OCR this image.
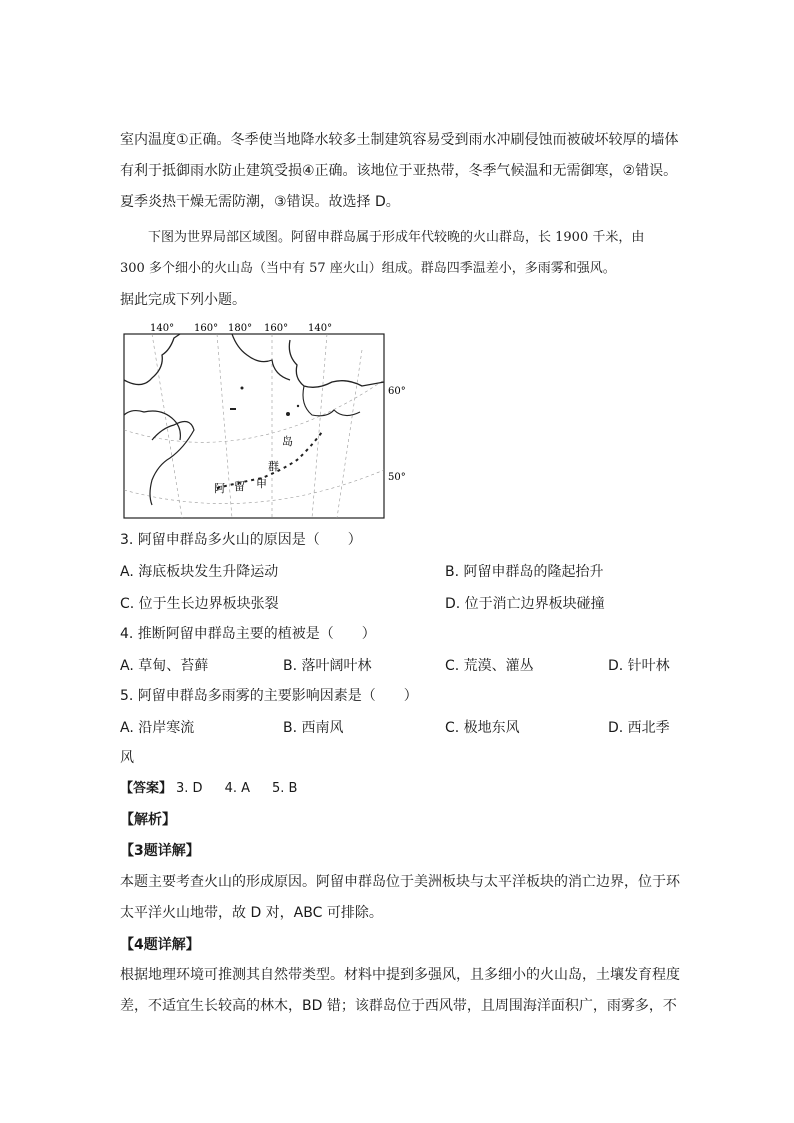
室内温度①正确。冬季使当地降水较多土制建筑容易受到雨水冲刷侵蚀而被破坏较厚的墙体
有利于抵御雨水防止建筑受损④正确。该地位于亚热带，冬季气候温和无需御寒，②错误。
夏季炎热干燥无需防潮，③错误。故选择 D。
下图为世界局部区域图。阿留申群岛属于形成年代较晚的火山群岛，长 1900 千米，由
300 多个细小的火山岛（当中有 57 座火山）组成。群岛四季温差小，多雨雾和强风。
据此完成下列小题。
140° 160° 180° 160° 140°
60°
50°
阿 留 申
群
岛
3. 阿留申群岛多火山的原因是（　　）
A. 海底板块发生升降运动	B. 阿留申群岛的隆起抬升
C. 位于生长边界板块张裂	D. 位于消亡边界板块碰撞
4. 推断阿留申群岛主要的植被是（　　）
A. 草甸、苔藓	B. 落叶阔叶林	C. 荒漠、灌丛	D. 针叶林
5. 阿留申群岛多雨雾的主要影响因素是（　　）
A. 沿岸寒流	B. 西南风	C. 极地东风	D. 西北季
风
【答案】 3. D 4. A 5. B
【解析】
【3题详解】
本题主要考查火山的形成原因。阿留申群岛位于美洲板块与太平洋板块的消亡边界，位于环太平洋火山地带，故 D 对，ABC 可排除。
【4题详解】
根据地理环境可推测其自然带类型。材料中提到多强风，且多细小的火山岛，土壤发育程度差，不适宜生长较高的林木，BD 错；该群岛位于西风带，且周围海洋面积广，雨雾多，不
